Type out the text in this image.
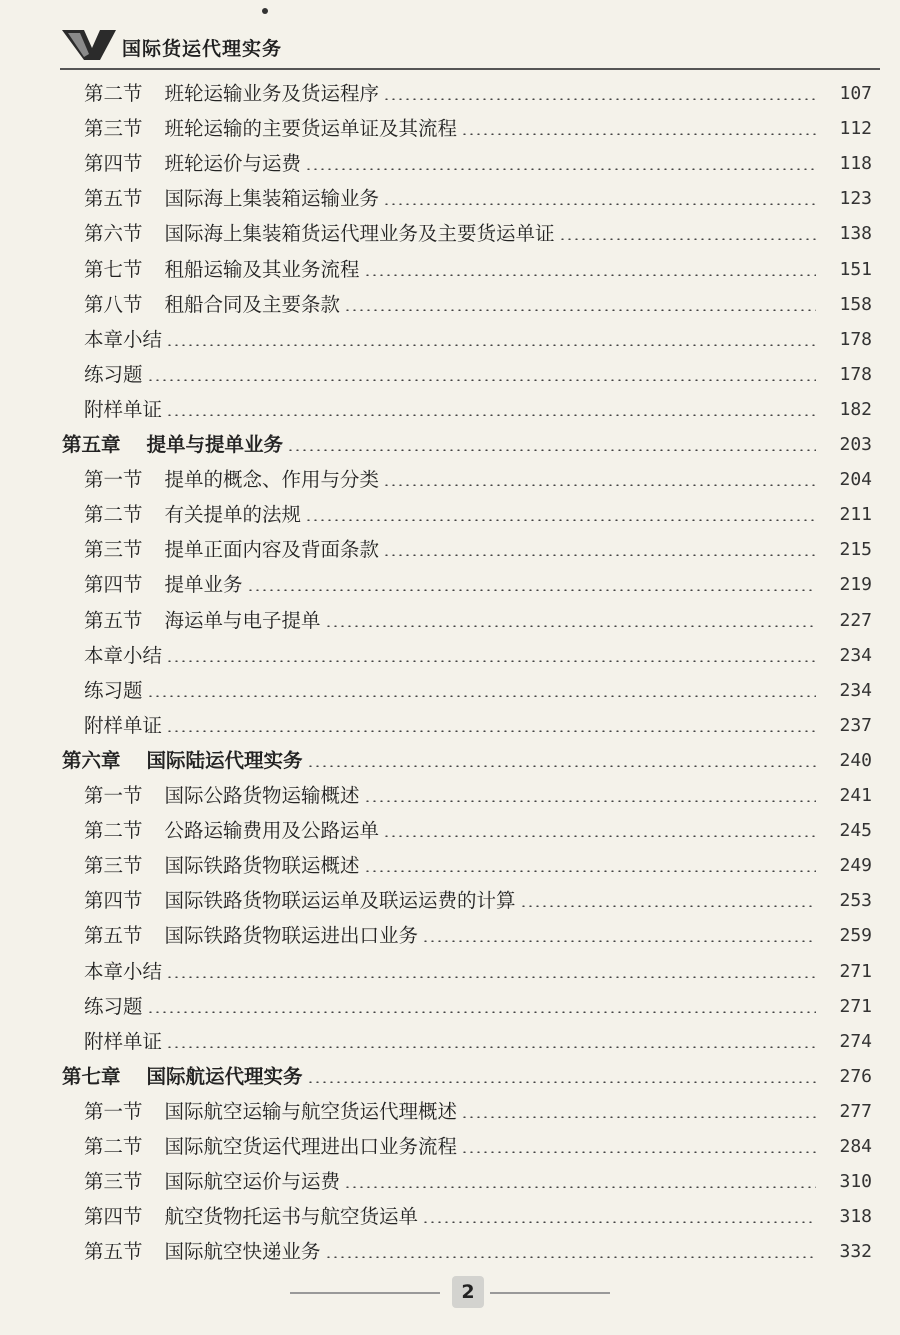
国际货运代理实务
第二节 班轮运输业务及货运程序	107
第三节 班轮运输的主要货运单证及其流程	112
第四节 班轮运价与运费	118
第五节 国际海上集装箱运输业务	123
第六节 国际海上集装箱货运代理业务及主要货运单证	138
第七节 租船运输及其业务流程	151
第八节 租船合同及主要条款	158
本章小结	178
练习题	178
附样单证	182
第五章 提单与提单业务	203
第一节 提单的概念、作用与分类	204
第二节 有关提单的法规	211
第三节 提单正面内容及背面条款	215
第四节 提单业务	219
第五节 海运单与电子提单	227
本章小结	234
练习题	234
附样单证	237
第六章 国际陆运代理实务	240
第一节 国际公路货物运输概述	241
第二节 公路运输费用及公路运单	245
第三节 国际铁路货物联运概述	249
第四节 国际铁路货物联运运单及联运运费的计算	253
第五节 国际铁路货物联运进出口业务	259
本章小结	271
练习题	271
附样单证	274
第七章 国际航运代理实务	276
第一节 国际航空运输与航空货运代理概述	277
第二节 国际航空货运代理进出口业务流程	284
第三节 国际航空运价与运费	310
第四节 航空货物托运书与航空货运单	318
第五节 国际航空快递业务	332
2
